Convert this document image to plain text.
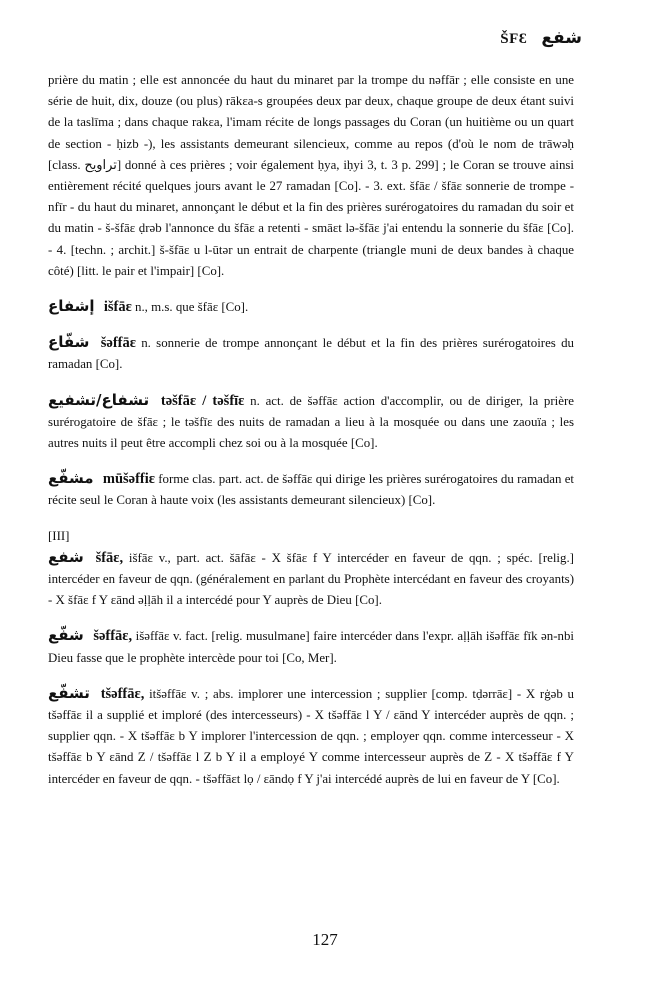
ŠFƐ شفع

prière du matin ; elle est annoncée du haut du minaret par la trompe du nəffār ; elle consiste en une série de huit, dix, douze (ou plus) rākɛa-s groupées deux par deux, chaque groupe de deux étant suivi de la taslīma ; dans chaque rakɛa, l'imam récite de longs passages du Coran (un huitième ou un quart de section - ḥizb -), les assistants demeurant silencieux, comme au repos (d'où le nom de trāwəḥ [class. تراويح] donné à ces prières ; voir également ḥya, iḥyi 3, t. 3 p. 299] ; le Coran se trouve ainsi entièrement récité quelques jours avant le 27 ramadan [Co]. - 3. ext. šfāɛ / šfāɛ sonnerie de trompe - nfīr - du haut du minaret, annonçant le début et la fin des prières surérogatoires du ramadan du soir et du matin - š-šfāɛ ḍrəb l'annonce du šfāɛ a retenti - smāɛt lə-šfāɛ j'ai entendu la sonnerie du šfāɛ [Co]. - 4. [techn. ; archit.] š-šfāɛ u l-ūtər un entrait de charpente (triangle muni de deux bandes à chaque côté) [litt. le pair et l'impair] [Co].

إشفاع išfāɛ n., m.s. que šfāɛ [Co].

شفّاع šəffāɛ n. sonnerie de trompe annonçant le début et la fin des prières surérogatoires du ramadan [Co].

تشفاع/تشفيع təšfāɛ / təšfīɛ n. act. de šəffāɛ action d'accomplir, ou de diriger, la prière surérogatoire de šfāɛ ; le təšfīɛ des nuits de ramadan a lieu à la mosquée ou dans une zaouïa ; les autres nuits il peut être accompli chez soi ou à la mosquée [Co].

مشفّع mūšəffiɛ forme clas. part. act. de šəffāɛ qui dirige les prières surérogatoires du ramadan et récite seul le Coran à haute voix (les assistants demeurant silencieux) [Co].

[III]

شفع šfāɛ, išfāɛ v., part. act. šāfāɛ - X šfāɛ f Y intercéder en faveur de qqn. ; spéc. [relig.] intercéder en faveur de qqn. (généralement en parlant du Prophète intercédant en faveur des croyants) - X šfāɛ f Y ɛānd əḷḷāh il a intercédé pour Y auprès de Dieu [Co].

شفّع šəffāɛ, išəffāɛ v. fact. [relig. musulmane] faire intercéder dans l'expr. aḷḷāh išəffāɛ fīk ən-nbi Dieu fasse que le prophète intercède pour toi [Co, Mer].

تشفّع tšəffāɛ, itšəffāɛ v. ; abs. implorer une intercession ; supplier [comp. tḍərrāɛ] - X rġəb u tšəffāɛ il a supplié et imploré (des intercesseurs) - X tšəffāɛ l Y / ɛānd Y intercéder auprès de qqn. ; supplier qqn. - X tšəffāɛ b Y implorer l'intercession de qqn. ; employer qqn. comme intercesseur - X tšəffāɛ b Y ɛānd Z / tšəffāɛ l Z b Y il a employé Y comme intercesseur auprès de Z - X tšəffāɛ f Y intercéder en faveur de qqn. - tšəffāɛt lọ / ɛāndọ f Y j'ai intercédé auprès de lui en faveur de Y [Co].

127
